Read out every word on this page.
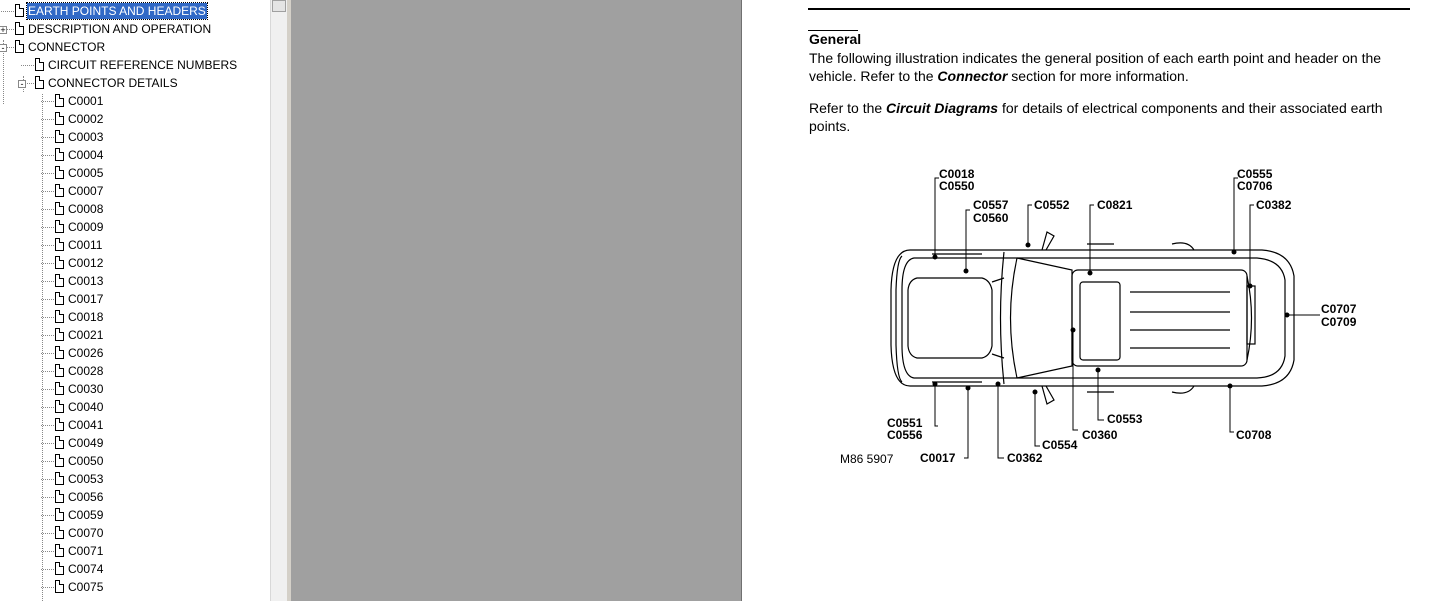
EARTH POINTS AND HEADERS
DESCRIPTION AND OPERATION
CONNECTOR
CIRCUIT REFERENCE NUMBERS
CONNECTOR DETAILS
C0001
C0002
C0003
C0004
C0005
C0007
C0008
C0009
C0011
C0012
C0013
C0017
C0018
C0021
C0026
C0028
C0030
C0040
C0041
C0049
C0050
C0053
C0056
C0059
C0070
C0071
C0074
C0075
+
-
-
General
The following illustration indicates the general position of each earth point and header on the vehicle. Refer to the Connector section for more information.
Refer to the Circuit Diagrams for details of electrical components and their associated earth points.
C0018
C0550
C0557
C0560
C0552 C0821
C0555
C0706
C0382
C0707
C0709
C0551
C0556
C0017	C0362
C0554
C0360
C0553
C0708
M86 5907
